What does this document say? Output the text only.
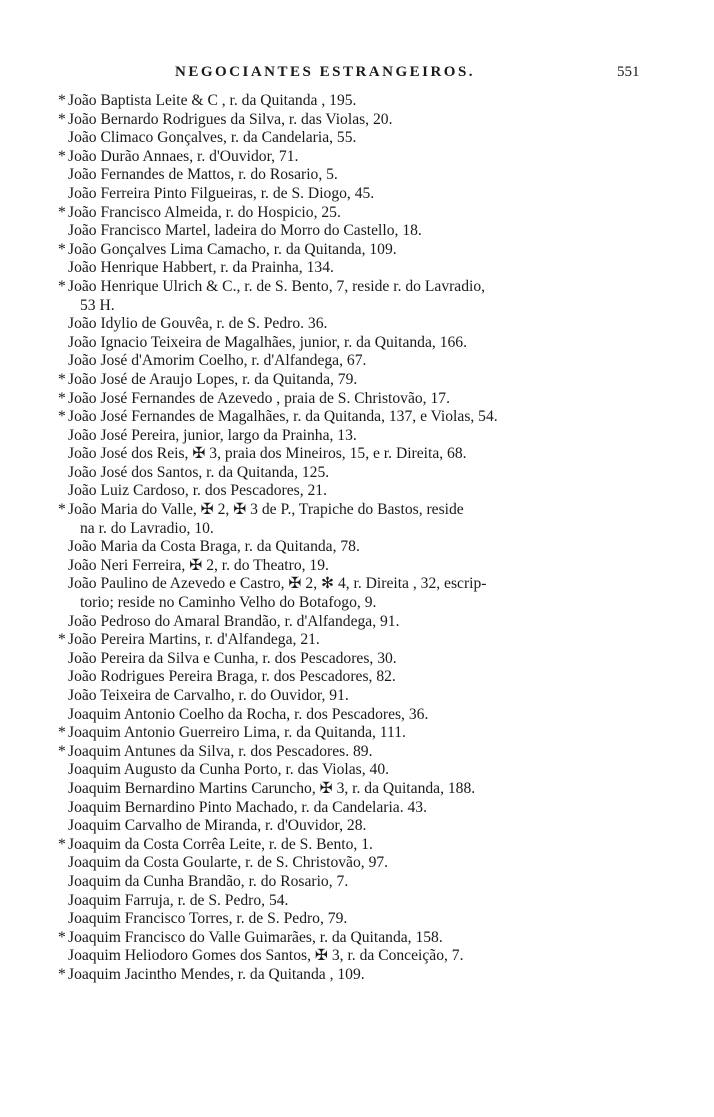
NEGOCIANTES ESTRANGEIROS.	551
* João Baptista Leite & C , r. da Quitanda , 195.
* João Bernardo Rodrigues da Silva, r. das Violas, 20.
João Climaco Gonçalves, r. da Candelaria, 55.
* João Durão Annaes, r. d'Ouvidor, 71.
João Fernandes de Mattos, r. do Rosario, 5.
João Ferreira Pinto Filgueiras, r. de S. Diogo, 45.
* João Francisco Almeida, r. do Hospicio, 25.
João Francisco Martel, ladeira do Morro do Castello, 18.
* João Gonçalves Lima Camacho, r. da Quitanda, 109.
João Henrique Habbert, r. da Prainha, 134.
* João Henrique Ulrich & C., r. de S. Bento, 7, reside r. do Lavradio,
53 H.
João Idylio de Gouvêa, r. de S. Pedro. 36.
João Ignacio Teixeira de Magalhães, junior, r. da Quitanda, 166.
João José d'Amorim Coelho, r. d'Alfandega, 67.
* João José de Araujo Lopes, r. da Quitanda, 79.
* João José Fernandes de Azevedo , praia de S. Christovão, 17.
* João José Fernandes de Magalhães, r. da Quitanda, 137, e Violas, 54.
João José Pereira, junior, largo da Prainha, 13.
João José dos Reis, ✠ 3, praia dos Mineiros, 15, e r. Direita, 68.
João José dos Santos, r. da Quitanda, 125.
João Luiz Cardoso, r. dos Pescadores, 21.
* João Maria do Valle, ✠ 2, ✠ 3 de P., Trapiche do Bastos, reside
na r. do Lavradio, 10.
João Maria da Costa Braga, r. da Quitanda, 78.
João Neri Ferreira, ✠ 2, r. do Theatro, 19.
João Paulino de Azevedo e Castro, ✠ 2, ✻ 4, r. Direita , 32, escrip-
torio; reside no Caminho Velho do Botafogo, 9.
João Pedroso do Amaral Brandão, r. d'Alfandega, 91.
* João Pereira Martins, r. d'Alfandega, 21.
João Pereira da Silva e Cunha, r. dos Pescadores, 30.
João Rodrigues Pereira Braga, r. dos Pescadores, 82.
João Teixeira de Carvalho, r. do Ouvidor, 91.
Joaquim Antonio Coelho da Rocha, r. dos Pescadores, 36.
* Joaquim Antonio Guerreiro Lima, r. da Quitanda, 111.
* Joaquim Antunes da Silva, r. dos Pescadores. 89.
Joaquim Augusto da Cunha Porto, r. das Violas, 40.
Joaquim Bernardino Martins Caruncho, ✠ 3, r. da Quitanda, 188.
Joaquim Bernardino Pinto Machado, r. da Candelaria. 43.
Joaquim Carvalho de Miranda, r. d'Ouvidor, 28.
* Joaquim da Costa Corrêa Leite, r. de S. Bento, 1.
Joaquim da Costa Goularte, r. de S. Christovão, 97.
Joaquim da Cunha Brandão, r. do Rosario, 7.
Joaquim Farruja, r. de S. Pedro, 54.
Joaquim Francisco Torres, r. de S. Pedro, 79.
* Joaquim Francisco do Valle Guimarães, r. da Quitanda, 158.
Joaquim Heliodoro Gomes dos Santos, ✠ 3, r. da Conceição, 7.
* Joaquim Jacintho Mendes, r. da Quitanda , 109.
